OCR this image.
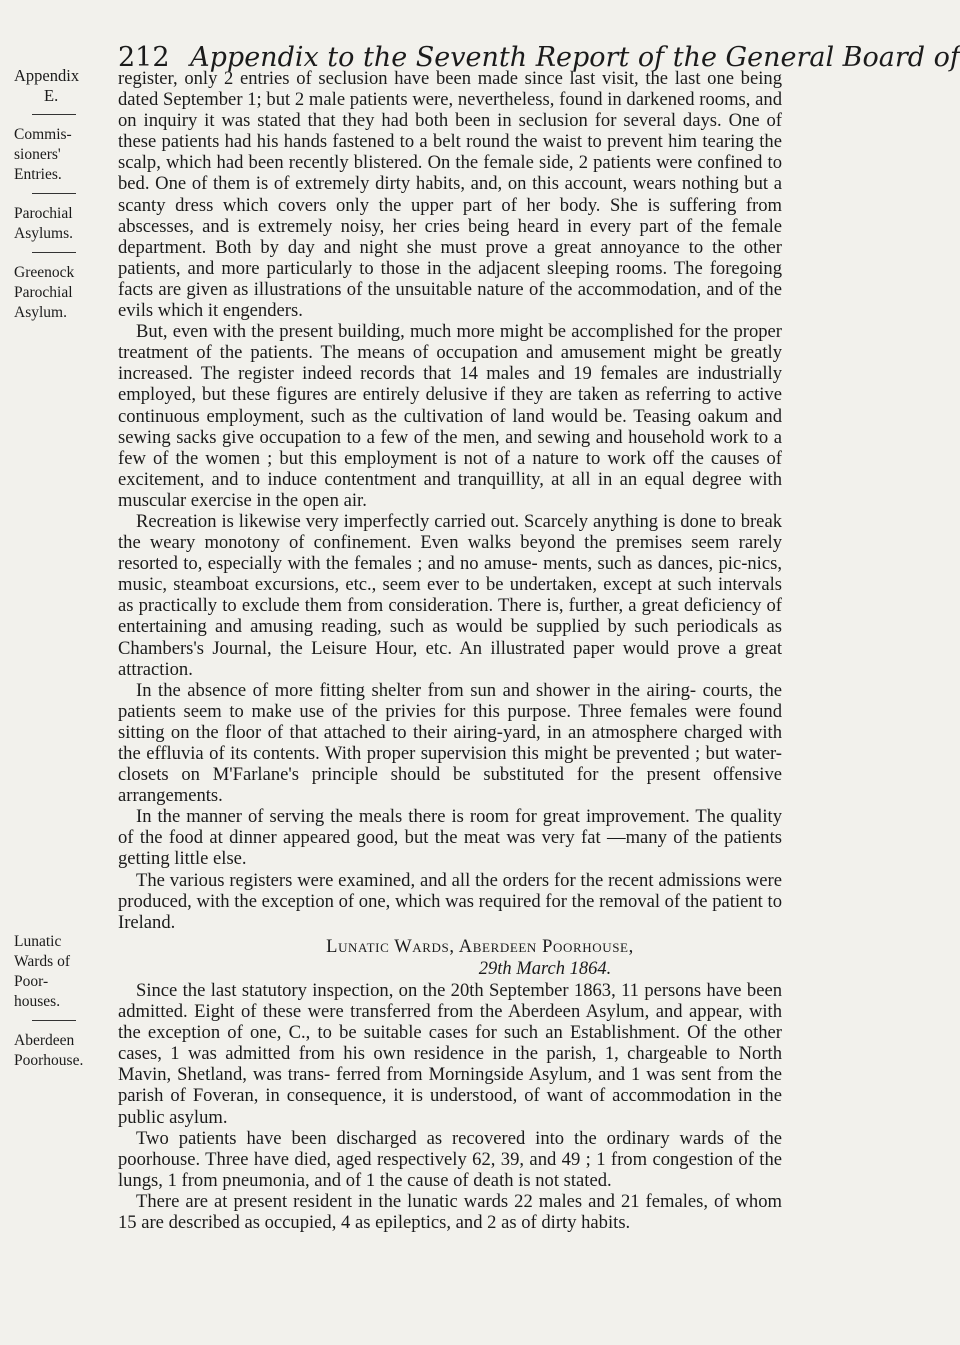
212 Appendix to the Seventh Report of the General Board of
Appendix
E.
Commis-
sioners'
Entries.
Parochial
Asylums.
Greenock
Parochial
Asylum.
Lunatic
Wards of
Poor-
houses.
Aberdeen
Poorhouse.

register, only 2 entries of seclusion have been made since last visit, the last one being dated September 1; but 2 male patients were, nevertheless, found in darkened rooms, and on inquiry it was stated that they had both been in seclusion for several days. One of these patients had his hands fastened to a belt round the waist to prevent him tearing the scalp, which had been recently blistered. On the female side, 2 patients were confined to bed. One of them is of extremely dirty habits, and, on this account, wears nothing but a scanty dress which covers only the upper part of her body. She is suffering from abscesses, and is extremely noisy, her cries being heard in every part of the female department. Both by day and night she must prove a great annoyance to the other patients, and more particularly to those in the adjacent sleeping rooms. The foregoing facts are given as illustrations of the unsuitable nature of the accommodation, and of the evils which it engenders.

But, even with the present building, much more might be accomplished for the proper treatment of the patients. The means of occupation and amusement might be greatly increased. The register indeed records that 14 males and 19 females are industrially employed, but these figures are entirely delusive if they are taken as referring to active continuous employment, such as the cultivation of land would be. Teasing oakum and sewing sacks give occupation to a few of the men, and sewing and household work to a few of the women ; but this employment is not of a nature to work off the causes of excitement, and to induce contentment and tranquillity, at all in an equal degree with muscular exercise in the open air.

Recreation is likewise very imperfectly carried out. Scarcely anything is done to break the weary monotony of confinement. Even walks beyond the premises seem rarely resorted to, especially with the females ; and no amuse- ments, such as dances, pic-nics, music, steamboat excursions, etc., seem ever to be undertaken, except at such intervals as practically to exclude them from consideration. There is, further, a great deficiency of entertaining and amusing reading, such as would be supplied by such periodicals as Chambers's Journal, the Leisure Hour, etc. An illustrated paper would prove a great attraction.

In the absence of more fitting shelter from sun and shower in the airing- courts, the patients seem to make use of the privies for this purpose. Three females were found sitting on the floor of that attached to their airing-yard, in an atmosphere charged with the effluvia of its contents. With proper supervision this might be prevented ; but water-closets on M'Farlane's principle should be substituted for the present offensive arrangements.

In the manner of serving the meals there is room for great improvement. The quality of the food at dinner appeared good, but the meat was very fat —many of the patients getting little else.

The various registers were examined, and all the orders for the recent admissions were produced, with the exception of one, which was required for the removal of the patient to Ireland.

Lunatic Wards, Aberdeen Poorhouse,
29th March 1864.

Since the last statutory inspection, on the 20th September 1863, 11 persons have been admitted. Eight of these were transferred from the Aberdeen Asylum, and appear, with the exception of one, C., to be suitable cases for such an Establishment. Of the other cases, 1 was admitted from his own residence in the parish, 1, chargeable to North Mavin, Shetland, was trans- ferred from Morningside Asylum, and 1 was sent from the parish of Foveran, in consequence, it is understood, of want of accommodation in the public asylum.

Two patients have been discharged as recovered into the ordinary wards of the poorhouse. Three have died, aged respectively 62, 39, and 49 ; 1 from congestion of the lungs, 1 from pneumonia, and of 1 the cause of death is not stated.

There are at present resident in the lunatic wards 22 males and 21 females, of whom 15 are described as occupied, 4 as epileptics, and 2 as of dirty habits.
